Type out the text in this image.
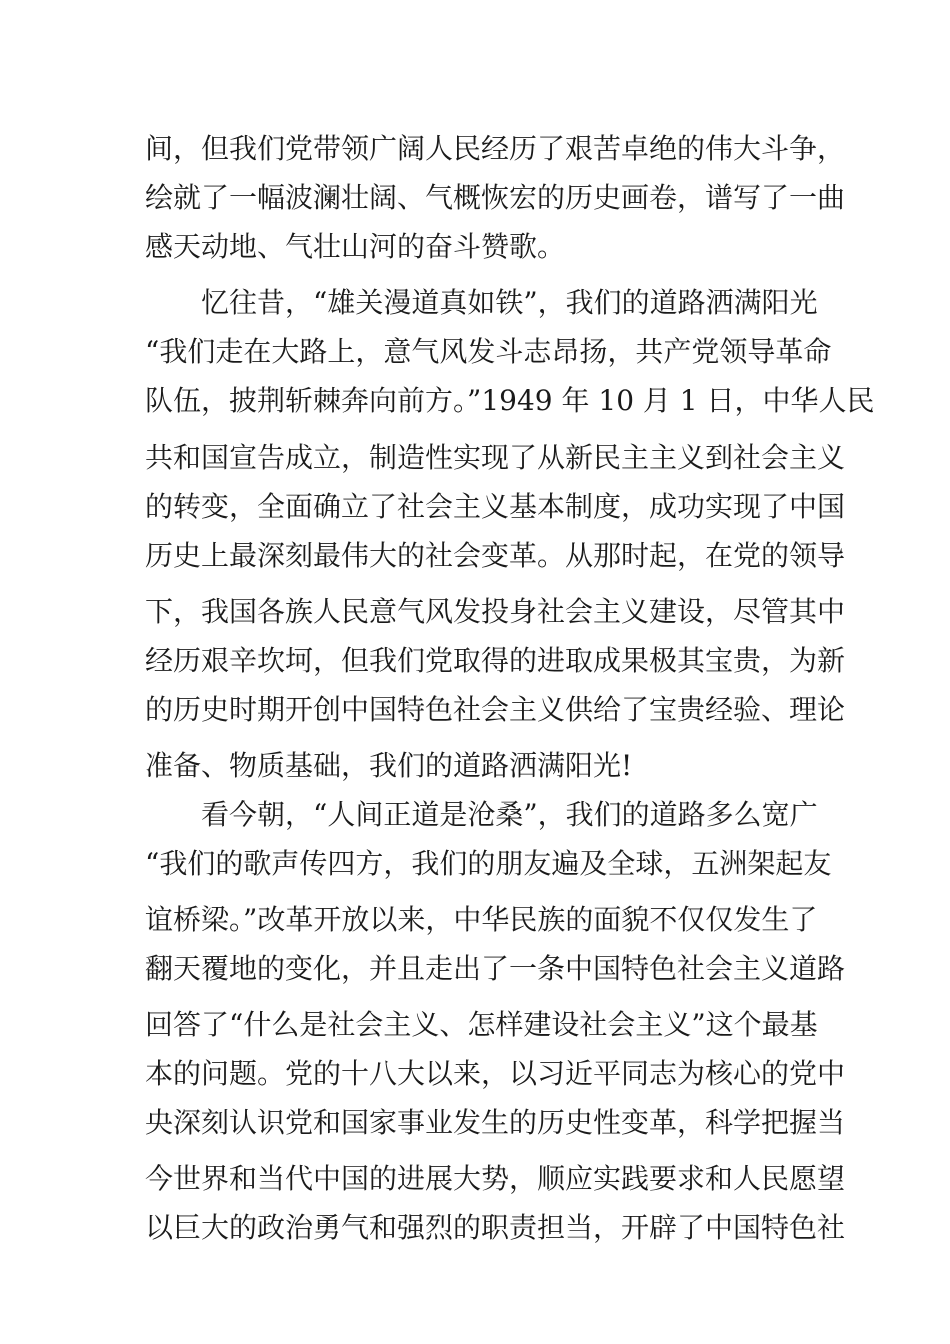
间，但我们党带领广阔人民经历了艰苦卓绝的伟大斗争，

绘就了一幅波澜壮阔、气概恢宏的历史画卷，谱写了一曲

感天动地、气壮山河的奋斗赞歌。

忆往昔，“雄关漫道真如铁”，我们的道路洒满阳光

“我们走在大路上，意气风发斗志昂扬，共产党领导革命

队伍，披荆斩棘奔向前方。”1949 年 10 月 1 日，中华人民

共和国宣告成立，制造性实现了从新民主主义到社会主义

的转变，全面确立了社会主义基本制度，成功实现了中国

历史上最深刻最伟大的社会变革。从那时起，在党的领导

下，我国各族人民意气风发投身社会主义建设，尽管其中

经历艰辛坎坷，但我们党取得的进取成果极其宝贵，为新

的历史时期开创中国特色社会主义供给了宝贵经验、理论

准备、物质基础，我们的道路洒满阳光!

看今朝，“人间正道是沧桑”，我们的道路多么宽广

“我们的歌声传四方，我们的朋友遍及全球，五洲架起友

谊桥梁。”改革开放以来，中华民族的面貌不仅仅发生了

翻天覆地的变化，并且走出了一条中国特色社会主义道路

回答了“什么是社会主义、怎样建设社会主义”这个最基

本的问题。党的十八大以来，以习近平同志为核心的党中

央深刻认识党和国家事业发生的历史性变革，科学把握当

今世界和当代中国的进展大势，顺应实践要求和人民愿望

以巨大的政治勇气和强烈的职责担当，开辟了中国特色社
